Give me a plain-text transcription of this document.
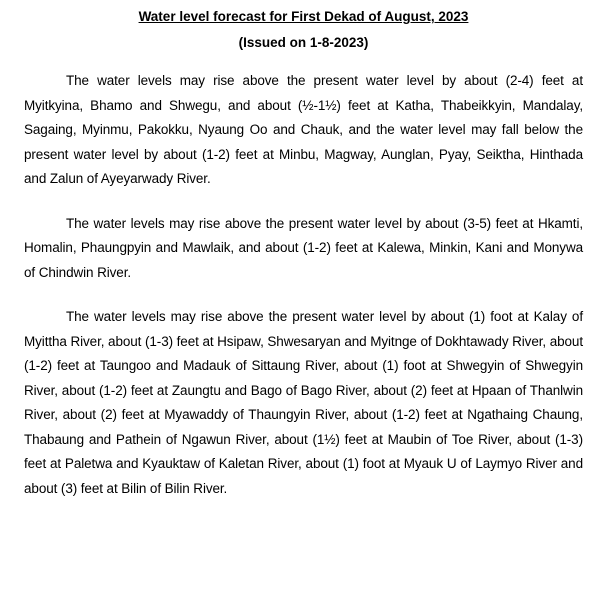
Water level forecast for First Dekad of August, 2023
(Issued on 1-8-2023)

The water levels may rise above the present water level by about (2-4) feet at Myitkyina, Bhamo and Shwegu, and about (½-1½) feet at Katha, Thabeikkyin, Mandalay, Sagaing, Myinmu, Pakokku, Nyaung Oo and Chauk, and the water level may fall below the present water level by about (1-2) feet at Minbu, Magway, Aunglan, Pyay, Seiktha, Hinthada and Zalun of Ayeyarwady River.

The water levels may rise above the present water level by about (3-5) feet at Hkamti, Homalin, Phaungpyin and Mawlaik, and about (1-2) feet at Kalewa, Minkin, Kani and Monywa of Chindwin River.

The water levels may rise above the present water level by about (1) foot at Kalay of Myittha River, about (1-3) feet at Hsipaw, Shwesaryan and Myitnge of Dokhtawady River, about (1-2) feet at Taungoo and Madauk of Sittaung River, about (1) foot at Shwegyin of Shwegyin River, about (1-2) feet at Zaungtu and Bago of Bago River, about (2) feet at Hpaan of Thanlwin River, about (2) feet at Myawaddy of Thaungyin River, about (1-2) feet at Ngathaing Chaung, Thabaung and Pathein of Ngawun River, about (1½) feet at Maubin of Toe River, about (1-3) feet at Paletwa and Kyauktaw of Kaletan River, about (1) foot at Myauk U of Laymyo River and about (3) feet at Bilin of Bilin River.
